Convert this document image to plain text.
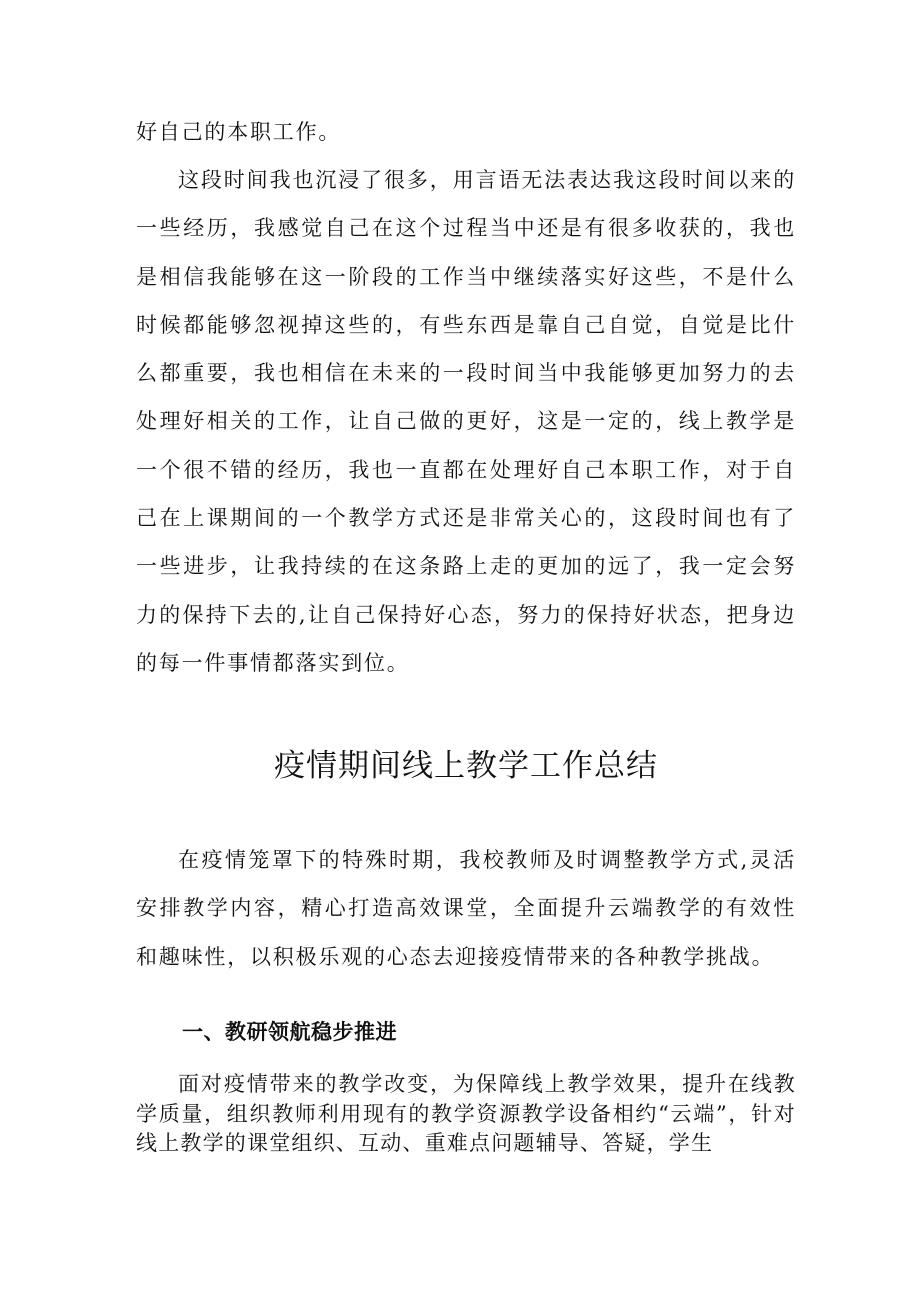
好自己的本职工作。

这段时间我也沉浸了很多，用言语无法表达我这段时间以来的一些经历，我感觉自己在这个过程当中还是有很多收获的，我也是相信我能够在这一阶段的工作当中继续落实好这些，不是什么时候都能够忽视掉这些的，有些东西是靠自己自觉，自觉是比什么都重要，我也相信在未来的一段时间当中我能够更加努力的去处理好相关的工作，让自己做的更好，这是一定的，线上教学是一个很不错的经历，我也一直都在处理好自己本职工作，对于自己在上课期间的一个教学方式还是非常关心的，这段时间也有了一些进步，让我持续的在这条路上走的更加的远了，我一定会努力的保持下去的,让自己保持好心态，努力的保持好状态，把身边的每一件事情都落实到位。

疫情期间线上教学工作总结

在疫情笼罩下的特殊时期，我校教师及时调整教学方式,灵活安排教学内容，精心打造高效课堂，全面提升云端教学的有效性和趣味性，以积极乐观的心态去迎接疫情带来的各种教学挑战。

一、教研领航稳步推进

面对疫情带来的教学改变，为保障线上教学效果，提升在线教学质量，组织教师利用现有的教学资源教学设备相约“云端”，针对线上教学的课堂组织、互动、重难点问题辅导、答疑，学生
